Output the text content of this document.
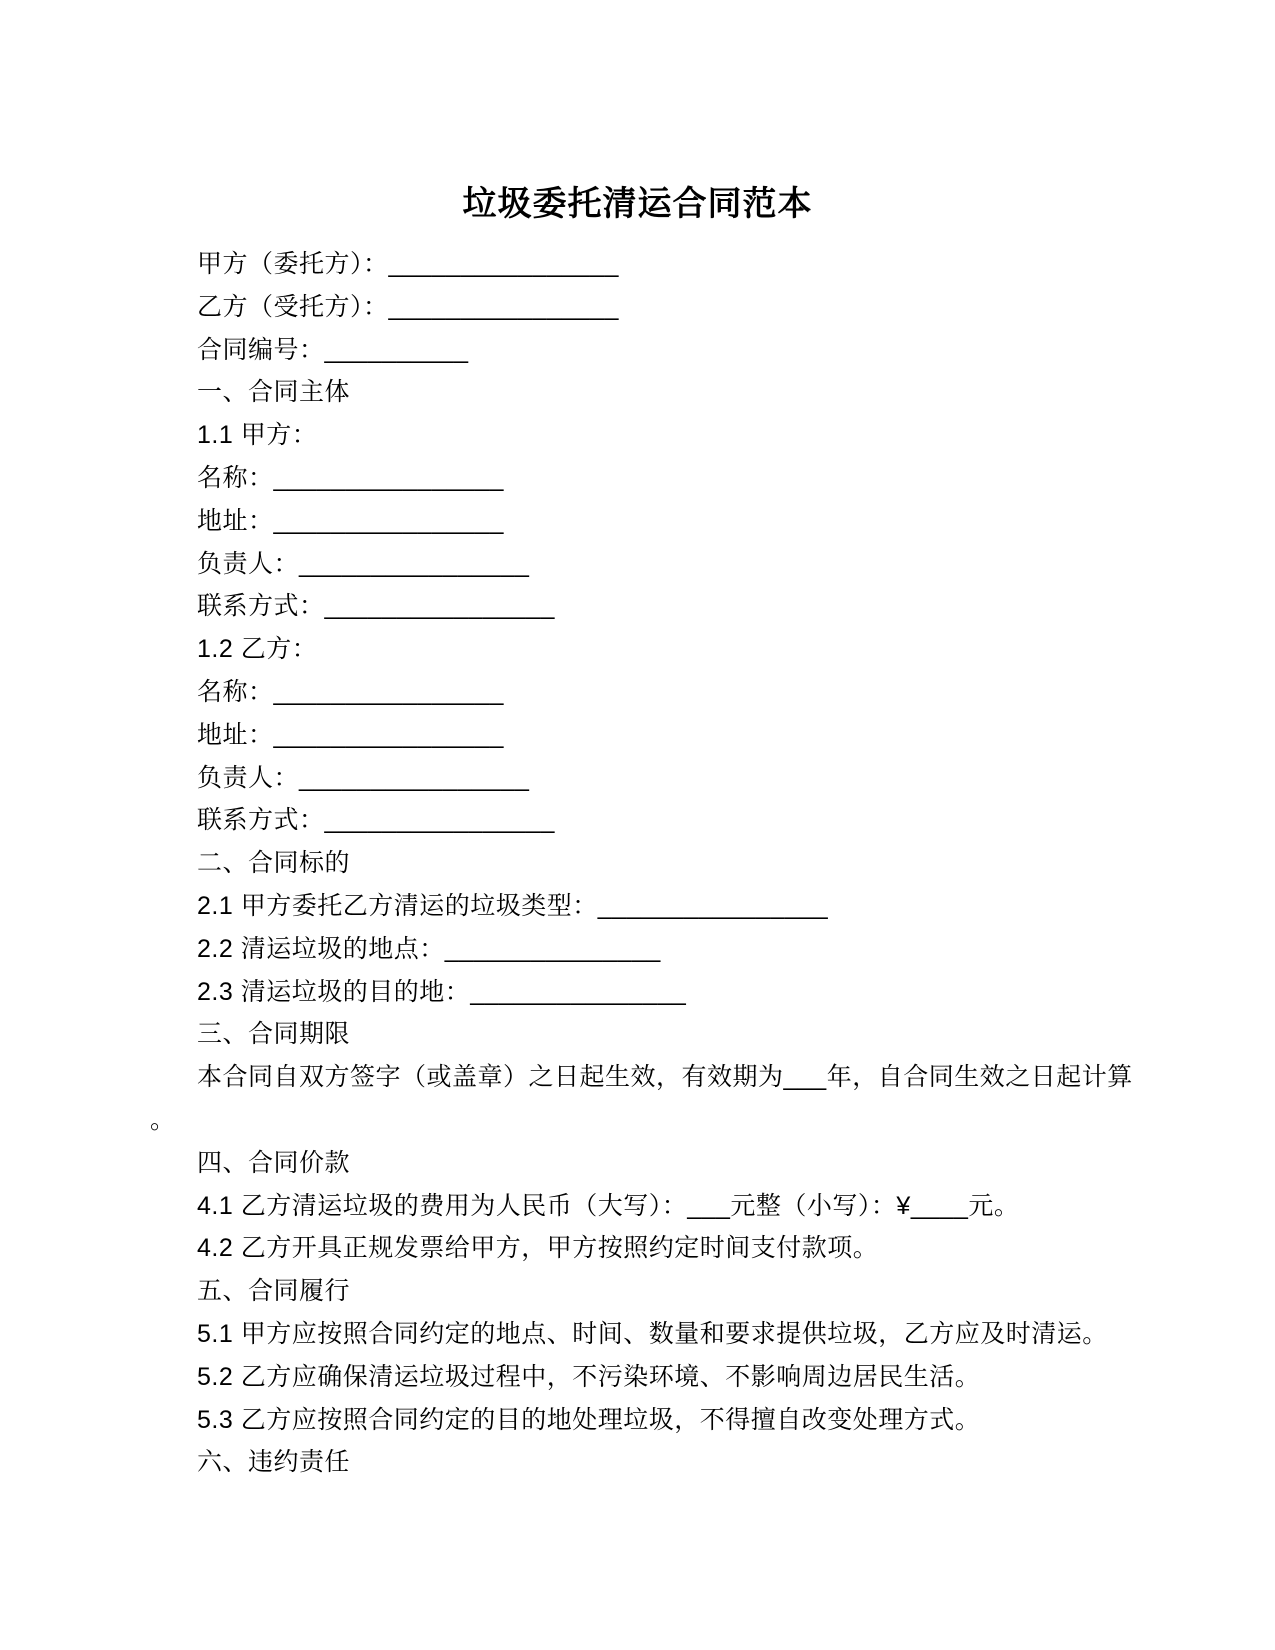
垃圾委托清运合同范本
甲方（委托方）：________________
乙方（受托方）：________________
合同编号：__________
一、合同主体
1.1 甲方：
名称：________________
地址：________________
负责人：________________
联系方式：________________
1.2 乙方：
名称：________________
地址：________________
负责人：________________
联系方式：________________
二、合同标的
2.1 甲方委托乙方清运的垃圾类型：________________
2.2 清运垃圾的地点：_______________
2.3 清运垃圾的目的地：_______________
三、合同期限
本合同自双方签字（或盖章）之日起生效，有效期为___年，自合同生效之日起计算
。
四、合同价款
4.1 乙方清运垃圾的费用为人民币（大写）：___元整（小写）：¥____元。
4.2 乙方开具正规发票给甲方，甲方按照约定时间支付款项。
五、合同履行
5.1 甲方应按照合同约定的地点、时间、数量和要求提供垃圾，乙方应及时清运。
5.2 乙方应确保清运垃圾过程中，不污染环境、不影响周边居民生活。
5.3 乙方应按照合同约定的目的地处理垃圾，不得擅自改变处理方式。
六、违约责任
